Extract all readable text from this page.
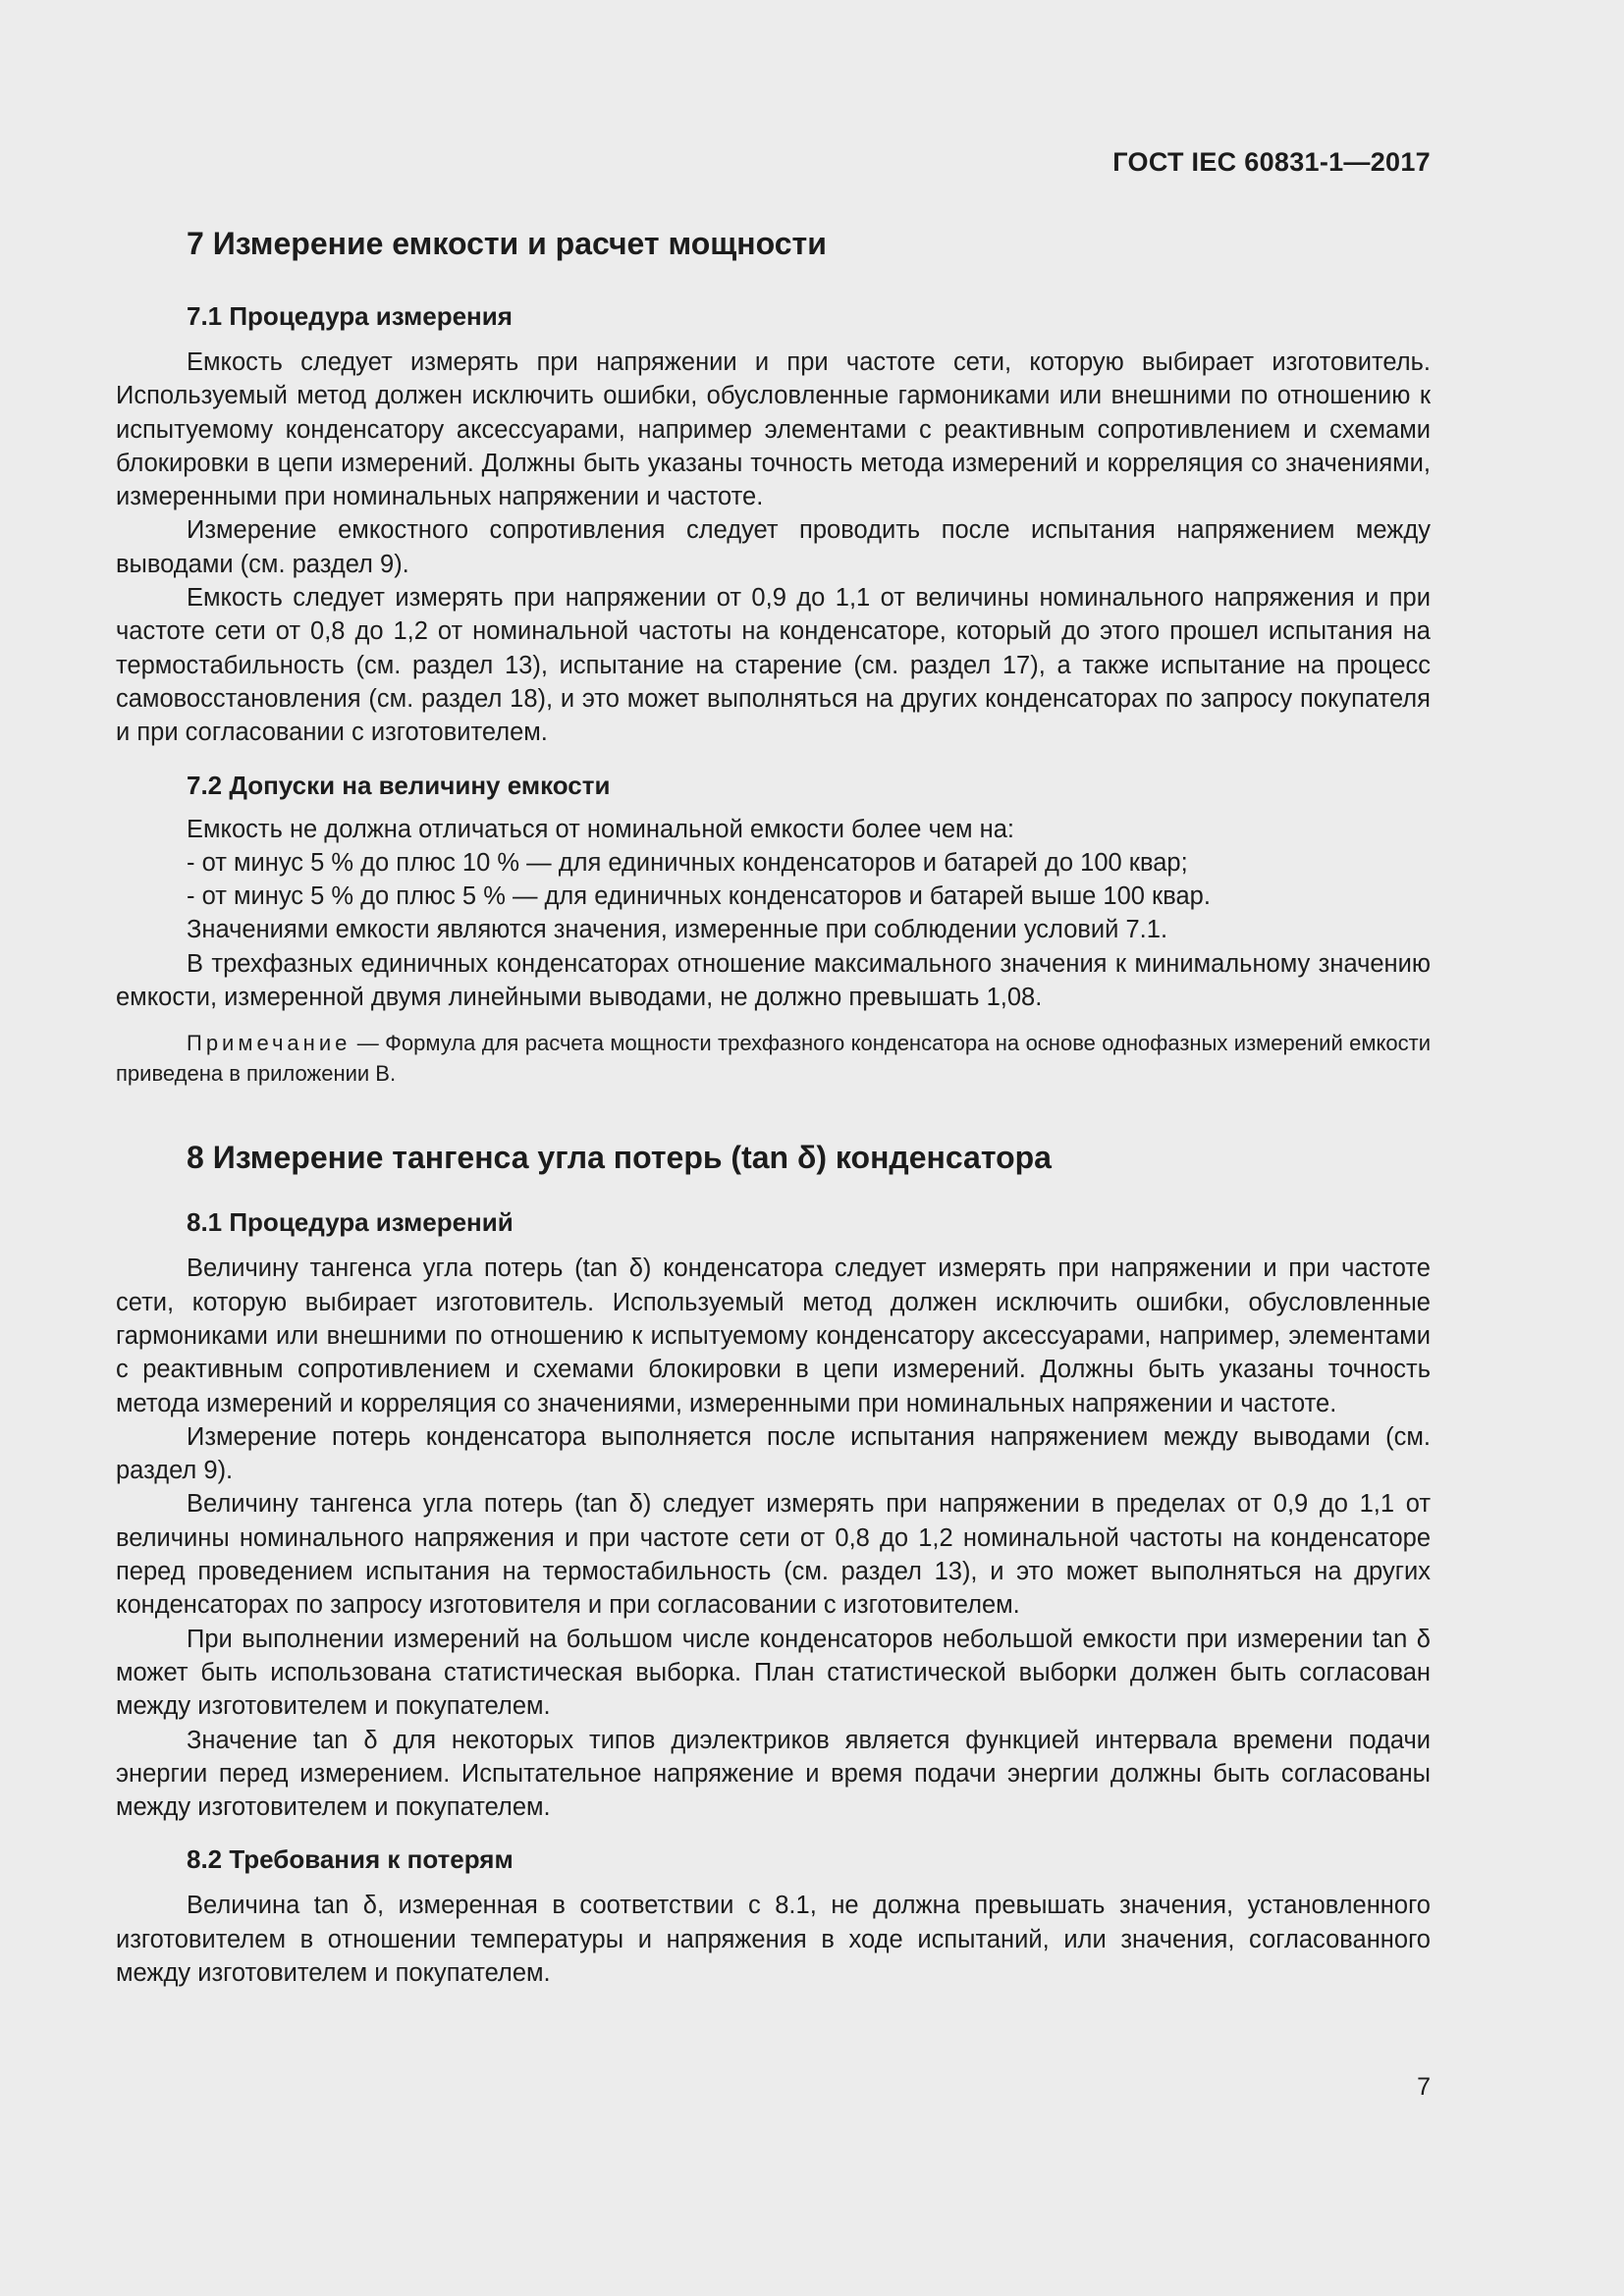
ГОСТ IEC 60831-1—2017
7 Измерение емкости и расчет мощности
7.1 Процедура измерения

Емкость следует измерять при напряжении и при частоте сети, которую выбирает изготовитель. Используемый метод должен исключить ошибки, обусловленные гармониками или внешними по отношению к испытуемому конденсатору аксессуарами, например элементами с реактивным сопротивлением и схемами блокировки в цепи измерений. Должны быть указаны точность метода измерений и корреляция со значениями, измеренными при номинальных напряжении и частоте.

Измерение емкостного сопротивления следует проводить после испытания напряжением между выводами (см. раздел 9).

Емкость следует измерять при напряжении от 0,9 до 1,1 от величины номинального напряжения и при частоте сети от 0,8 до 1,2 от номинальной частоты на конденсаторе, который до этого прошел испытания на термостабильность (см. раздел 13), испытание на старение (см. раздел 17), а также испытание на процесс самовосстановления (см. раздел 18), и это может выполняться на других конденсаторах по запросу покупателя и при согласовании с изготовителем.

7.2 Допуски на величину емкости

Емкость не должна отличаться от номинальной емкости более чем на:

- от минус 5 % до плюс 10 % — для единичных конденсаторов и батарей до 100 квар;

- от минус 5 % до плюс 5 % — для единичных конденсаторов и батарей выше 100 квар.

Значениями емкости являются значения, измеренные при соблюдении условий 7.1.

В трехфазных единичных конденсаторах отношение максимального значения к минимальному значению емкости, измеренной двумя линейными выводами, не должно превышать 1,08.

Примечание — Формула для расчета мощности трехфазного конденсатора на основе однофазных измерений емкости приведена в приложении В.

8 Измерение тангенса угла потерь (tan δ) конденсатора
8.1 Процедура измерений

Величину тангенса угла потерь (tan δ) конденсатора следует измерять при напряжении и при частоте сети, которую выбирает изготовитель. Используемый метод должен исключить ошибки, обусловленные гармониками или внешними по отношению к испытуемому конденсатору аксессуарами, например, элементами с реактивным сопротивлением и схемами блокировки в цепи измерений. Должны быть указаны точность метода измерений и корреляция со значениями, измеренными при номинальных напряжении и частоте.

Измерение потерь конденсатора выполняется после испытания напряжением между выводами (см. раздел 9).

Величину тангенса угла потерь (tan δ) следует измерять при напряжении в пределах от 0,9 до 1,1 от величины номинального напряжения и при частоте сети от 0,8 до 1,2 номинальной частоты на конденсаторе перед проведением испытания на термостабильность (см. раздел 13), и это может выполняться на других конденсаторах по запросу изготовителя и при согласовании с изготовителем.

При выполнении измерений на большом числе конденсаторов небольшой емкости при измерении tan δ может быть использована статистическая выборка. План статистической выборки должен быть согласован между изготовителем и покупателем.

Значение tan δ для некоторых типов диэлектриков является функцией интервала времени подачи энергии перед измерением. Испытательное напряжение и время подачи энергии должны быть согласованы между изготовителем и покупателем.

8.2 Требования к потерям

Величина tan δ, измеренная в соответствии с 8.1, не должна превышать значения, установленного изготовителем в отношении температуры и напряжения в ходе испытаний, или значения, согласованного между изготовителем и покупателем.

7
